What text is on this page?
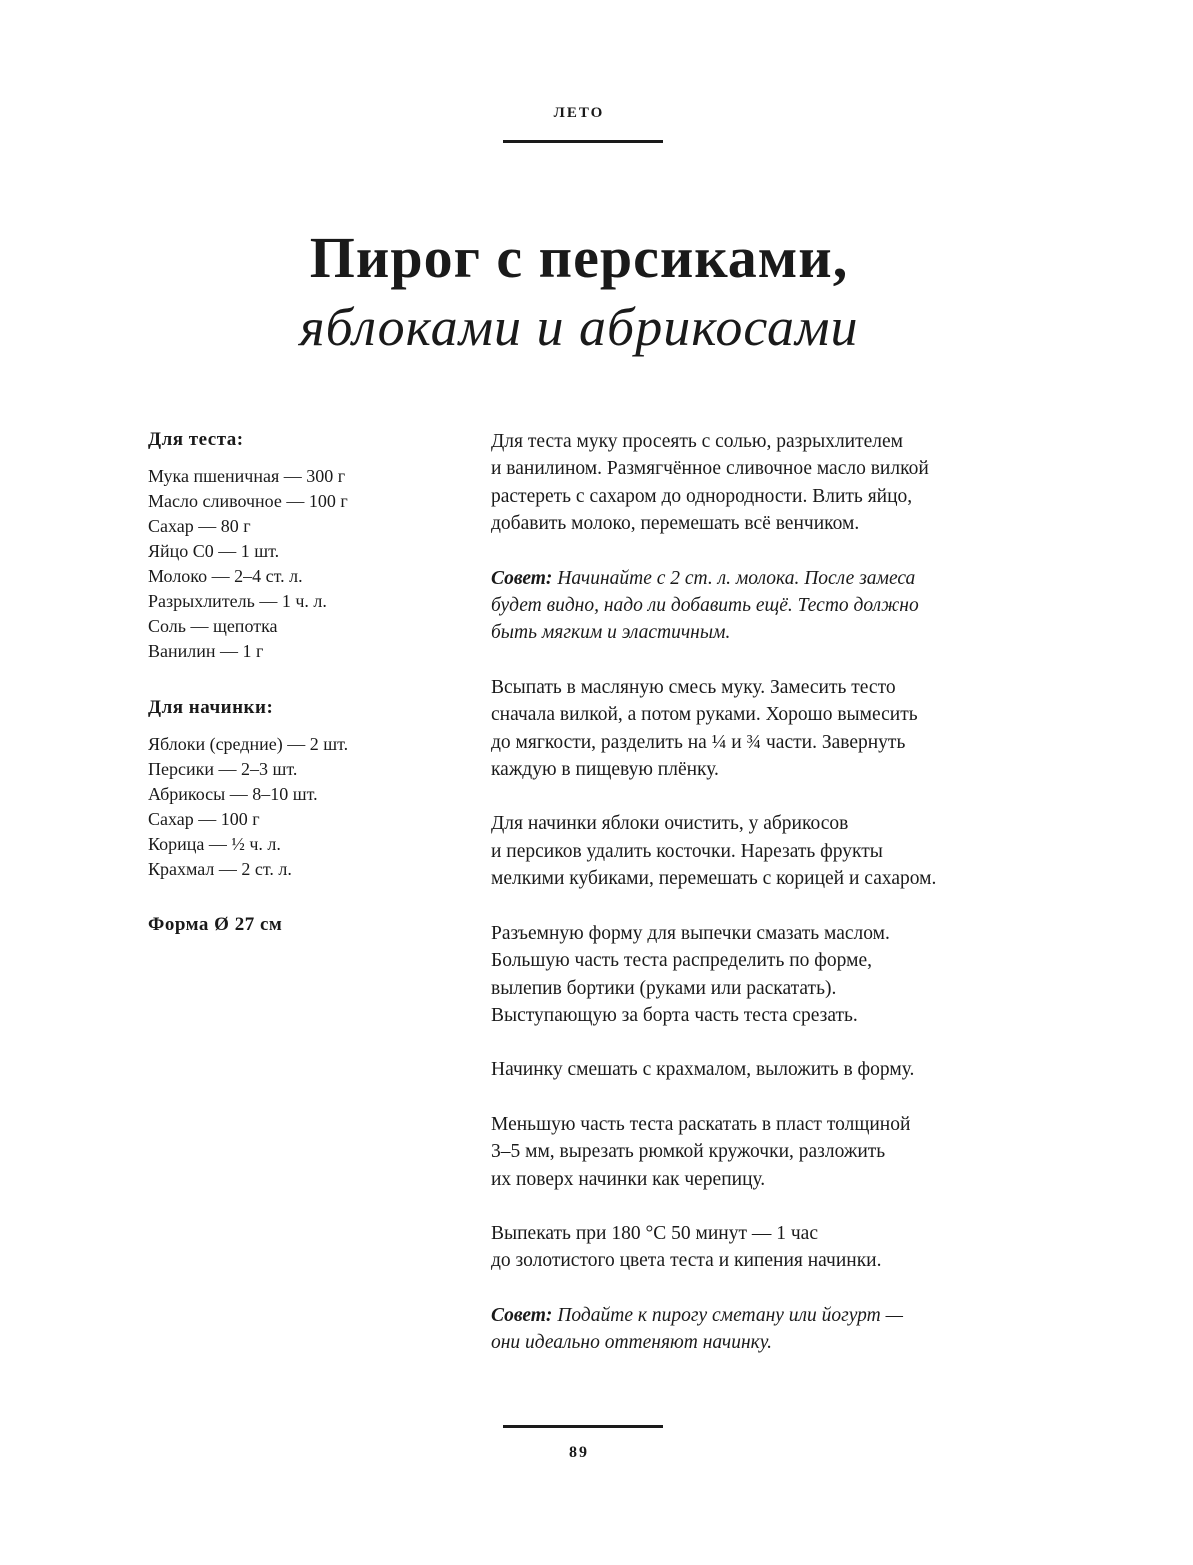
ЛЕТО
Пирог с персиками,
яблоками и абрикосами
Для теста:
Мука пшеничная — 300 г
Масло сливочное — 100 г
Сахар — 80 г
Яйцо С0 — 1 шт.
Молоко — 2–4 ст. л.
Разрыхлитель — 1 ч. л.
Соль — щепотка
Ванилин — 1 г
Для начинки:
Яблоки (средние) — 2 шт.
Персики — 2–3 шт.
Абрикосы — 8–10 шт.
Сахар — 100 г
Корица — ½ ч. л.
Крахмал — 2 ст. л.
Форма Ø 27 см

Для теста муку просеять с солью, разрыхлителем
и ванилином. Размягчённое сливочное масло вилкой
растереть с сахаром до однородности. Влить яйцо,
добавить молоко, перемешать всё венчиком.

Совет: Начинайте с 2 ст. л. молока. После замеса
будет видно, надо ли добавить ещё. Тесто должно
быть мягким и эластичным.

Всыпать в масляную смесь муку. Замесить тесто
сначала вилкой, а потом руками. Хорошо вымесить
до мягкости, разделить на ¼ и ¾ части. Завернуть
каждую в пищевую плёнку.

Для начинки яблоки очистить, у абрикосов
и персиков удалить косточки. Нарезать фрукты
мелкими кубиками, перемешать с корицей и сахаром.

Разъемную форму для выпечки смазать маслом.
Большую часть теста распределить по форме,
вылепив бортики (руками или раскатать).
Выступающую за борта часть теста срезать.

Начинку смешать с крахмалом, выложить в форму.

Меньшую часть теста раскатать в пласт толщиной
3–5 мм, вырезать рюмкой кружочки, разложить
их поверх начинки как черепицу.

Выпекать при 180 °С 50 минут — 1 час
до золотистого цвета теста и кипения начинки.

Совет: Подайте к пирогу сметану или йогурт —
они идеально оттеняют начинку.

89
